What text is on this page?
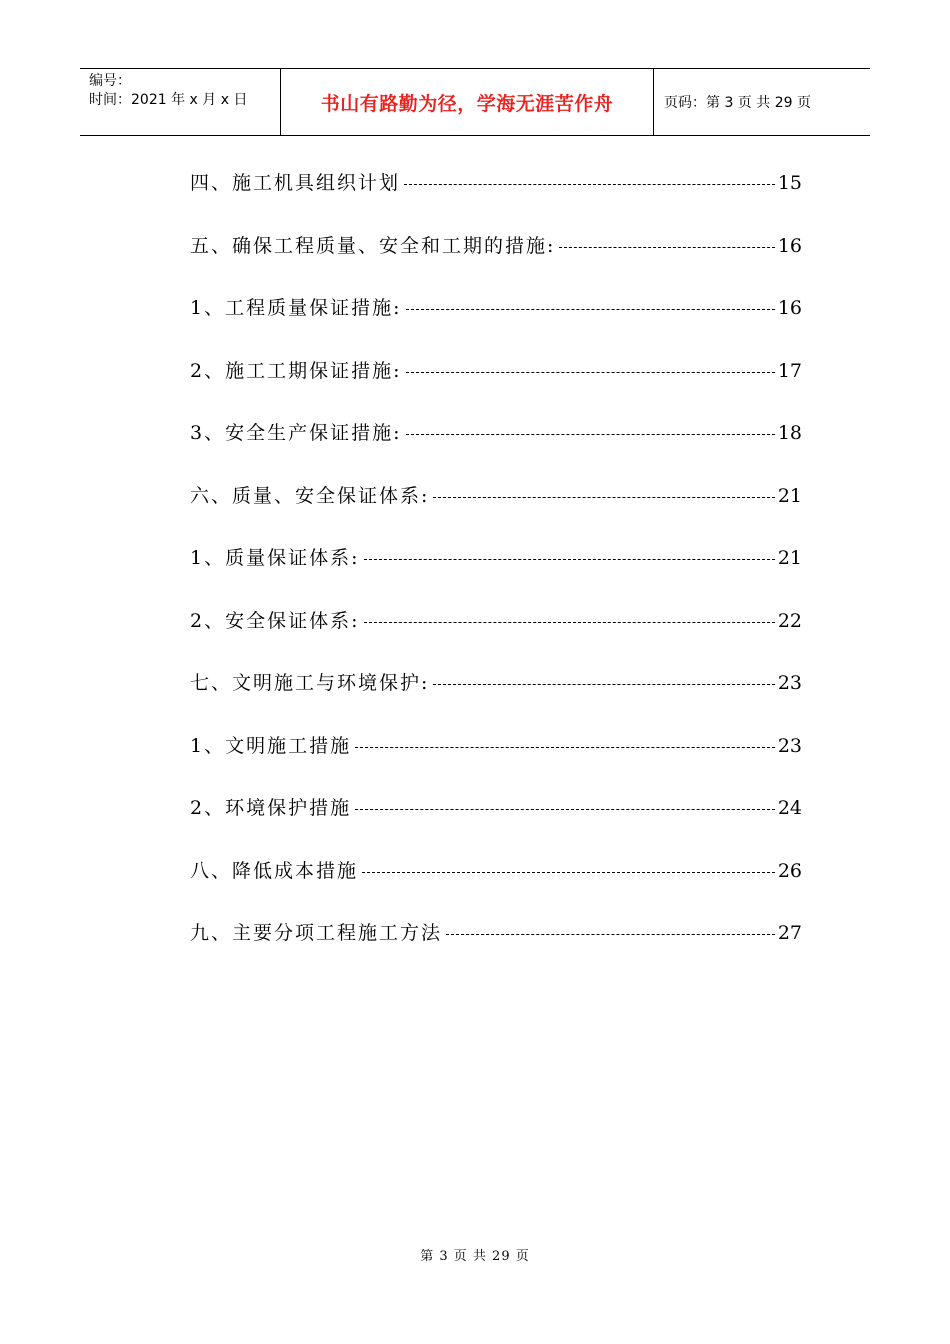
编号：
时间：2021 年 x 月 x 日	书山有路勤为径，学海无涯苦作舟	页码：第 3 页 共 29 页
四、施工机具组织计划	15
五、确保工程质量、安全和工期的措施:	16
1、工程质量保证措施:	16
2、施工工期保证措施:	17
3、安全生产保证措施:	18
六、质量、安全保证体系:	21
1、质量保证体系:	21
2、安全保证体系:	22
七、文明施工与环境保护:	23
1、文明施工措施	23
2、环境保护措施	24
八、降低成本措施	26
九、主要分项工程施工方法	27
第 3 页 共 29 页
